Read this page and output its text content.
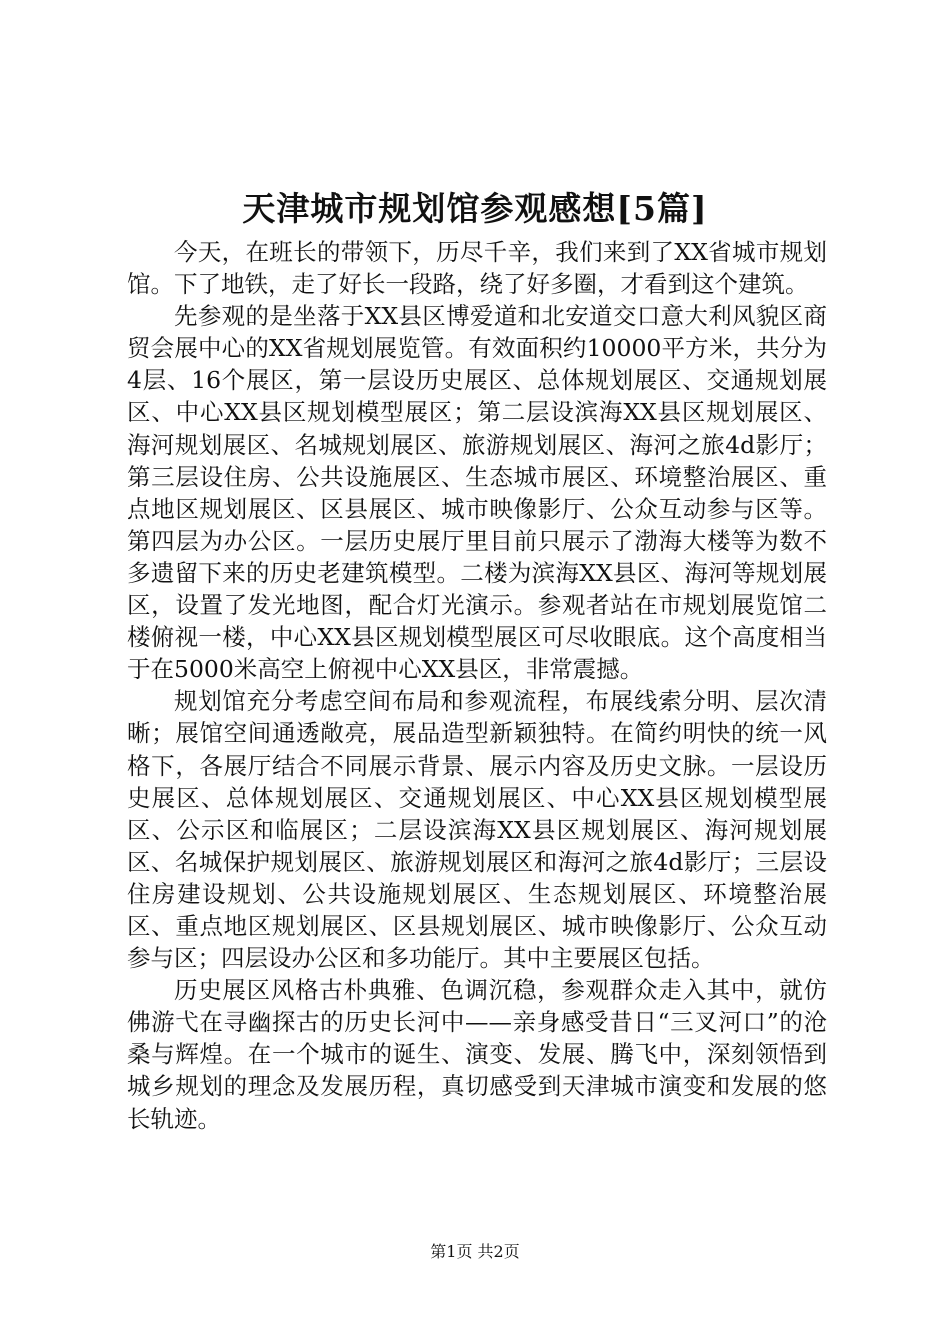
天津城市规划馆参观感想[5篇]

今天，在班长的带领下，历尽千辛，我们来到了XX省城市规划馆。下了地铁，走了好长一段路，绕了好多圈，才看到这个建筑。

先参观的是坐落于XX县区博爱道和北安道交口意大利风貌区商贸会展中心的XX省规划展览管。有效面积约10000平方米，共分为4层、16个展区，第一层设历史展区、总体规划展区、交通规划展区、中心XX县区规划模型展区；第二层设滨海XX县区规划展区、海河规划展区、名城规划展区、旅游规划展区、海河之旅4d影厅；第三层设住房、公共设施展区、生态城市展区、环境整治展区、重点地区规划展区、区县展区、城市映像影厅、公众互动参与区等。第四层为办公区。一层历史展厅里目前只展示了渤海大楼等为数不多遗留下来的历史老建筑模型。二楼为滨海XX县区、海河等规划展区，设置了发光地图，配合灯光演示。参观者站在市规划展览馆二楼俯视一楼，中心XX县区规划模型展区可尽收眼底。这个高度相当于在5000米高空上俯视中心XX县区，非常震撼。

规划馆充分考虑空间布局和参观流程，布展线索分明、层次清晰；展馆空间通透敞亮，展品造型新颖独特。在简约明快的统一风格下，各展厅结合不同展示背景、展示内容及历史文脉。一层设历史展区、总体规划展区、交通规划展区、中心XX县区规划模型展区、公示区和临展区；二层设滨海XX县区规划展区、海河规划展区、名城保护规划展区、旅游规划展区和海河之旅4d影厅；三层设住房建设规划、公共设施规划展区、生态规划展区、环境整治展区、重点地区规划展区、区县规划展区、城市映像影厅、公众互动参与区；四层设办公区和多功能厅。其中主要展区包括。

历史展区风格古朴典雅、色调沉稳，参观群众走入其中，就仿佛游弋在寻幽探古的历史长河中——亲身感受昔日“三叉河口”的沧桑与辉煌。在一个城市的诞生、演变、发展、腾飞中，深刻领悟到城乡规划的理念及发展历程，真切感受到天津城市演变和发展的悠长轨迹。

第1页 共2页
